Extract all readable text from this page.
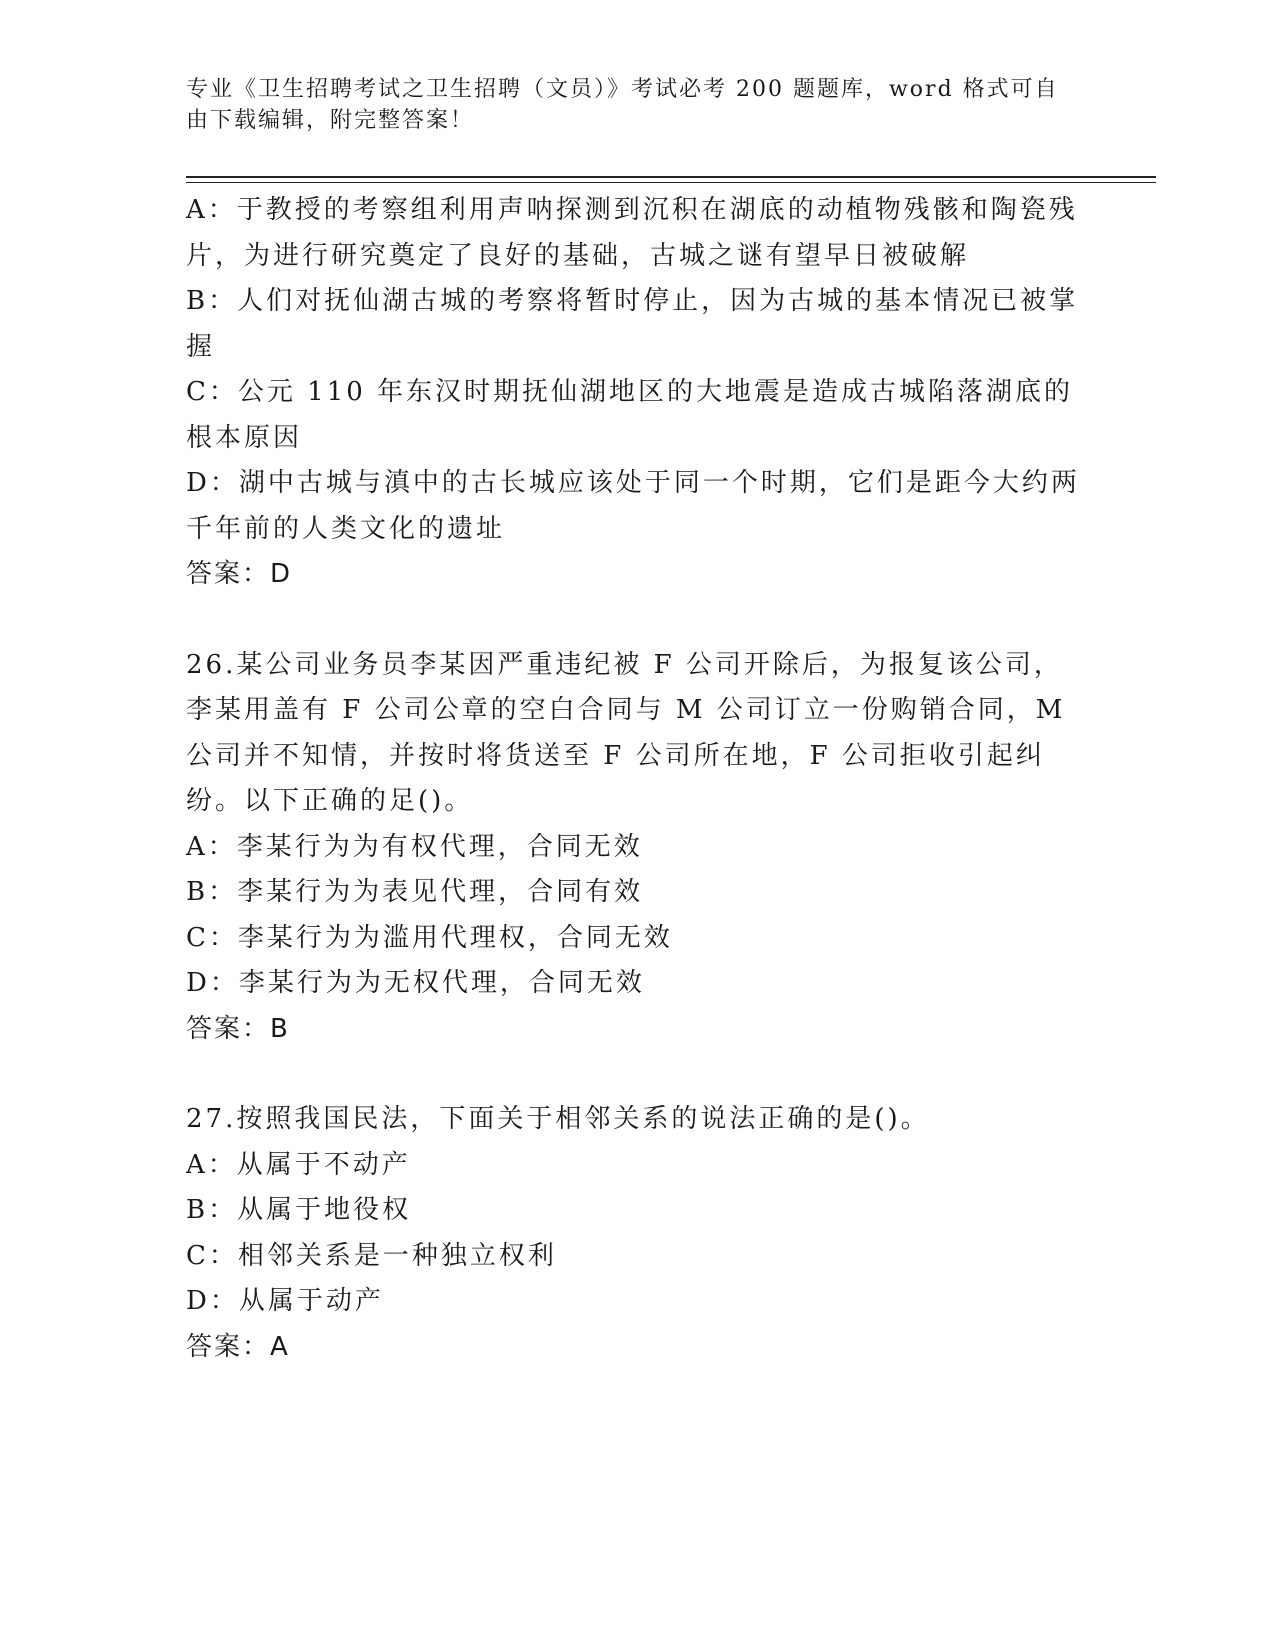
专业《卫生招聘考试之卫生招聘（文员）》考试必考 200 题题库，word 格式可自由下载编辑，附完整答案！

A：于教授的考察组利用声呐探测到沉积在湖底的动植物残骸和陶瓷残片，为进行研究奠定了良好的基础，古城之谜有望早日被破解

B：人们对抚仙湖古城的考察将暂时停止，因为古城的基本情况已被掌握

C：公元 110 年东汉时期抚仙湖地区的大地震是造成古城陷落湖底的根本原因

D：湖中古城与滇中的古长城应该处于同一个时期，它们是距今大约两千年前的人类文化的遗址

答案：D

26.某公司业务员李某因严重违纪被 F 公司开除后，为报复该公司，李某用盖有 F 公司公章的空白合同与 M 公司订立一份购销合同，M 公司并不知情，并按时将货送至 F 公司所在地，F 公司拒收引起纠纷。以下正确的足()。

A：李某行为为有权代理，合同无效

B：李某行为为表见代理，合同有效

C：李某行为为滥用代理权，合同无效

D：李某行为为无权代理，合同无效

答案：B

27.按照我国民法，下面关于相邻关系的说法正确的是()。

A：从属于不动产

B：从属于地役权

C：相邻关系是一种独立权利

D：从属于动产

答案：A
